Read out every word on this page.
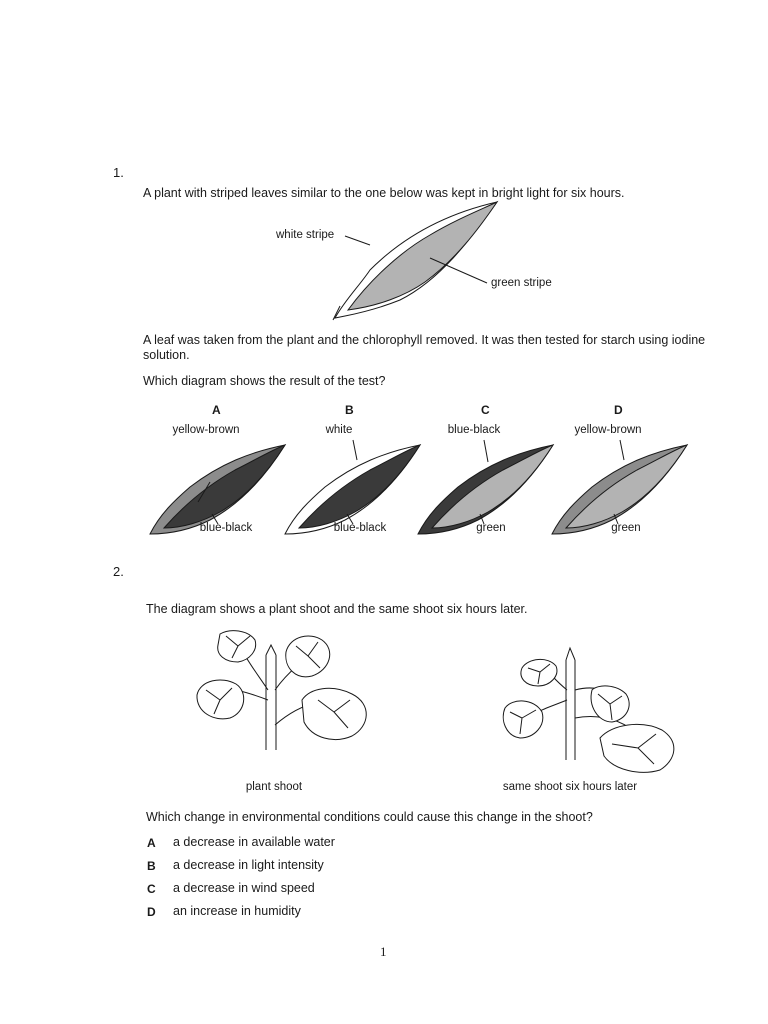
1.
A plant with striped leaves similar to the one below was kept in bright light for six hours.
white stripe
green stripe
A leaf was taken from the plant and the chlorophyll removed. It was then tested for starch using iodine solution.
Which diagram shows the result of the test?
A	B	C	D
yellow-brown	white	blue-black	yellow-brown
blue-black	blue-black	green	green
2.
The diagram shows a plant shoot and the same shoot six hours later.
plant shoot	same shoot six hours later
Which change in environmental conditions could cause this change in the shoot?
A a decrease in available water
B a decrease in light intensity
C a decrease in wind speed
D an increase in humidity
1
